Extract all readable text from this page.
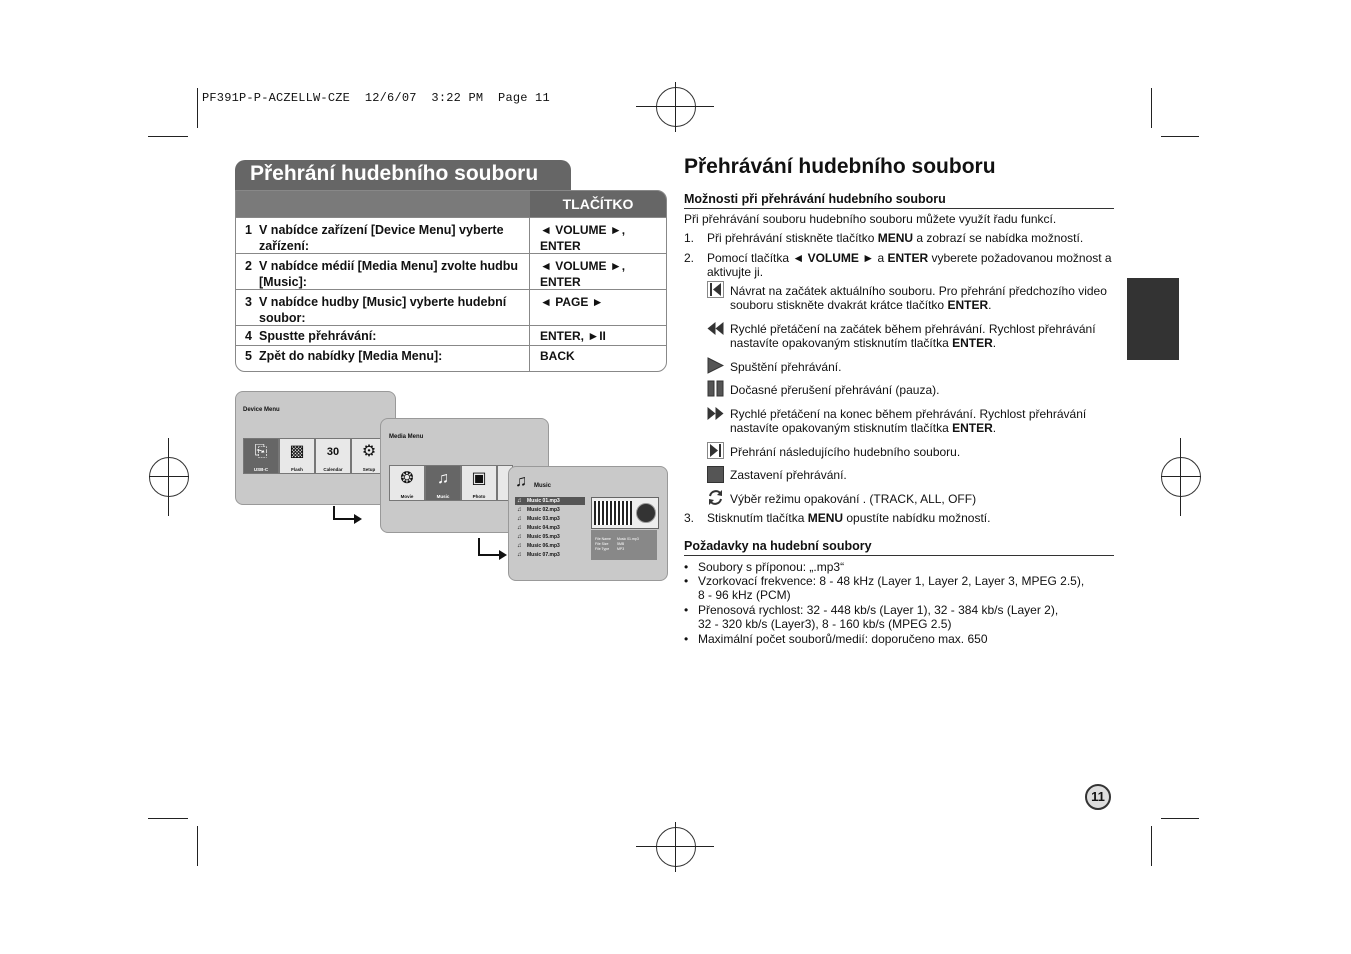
PF391P-P-ACZELLW-CZE  12/6/07  3:22 PM  Page 11
Přehrání hudebního souboru
TLAČÍTKO
1 V nabídce zařízení [Device Menu] vyberte zařízení:
◄ VOLUME ►, ENTER
2 V nabídce médií [Media Menu] zvolte hudbu [Music]:
◄ VOLUME ►, ENTER
3 V nabídce hudby [Music] vyberte hudební soubor:
◄ PAGE ►
4 Spustte přehrávání:	ENTER, ►II
5 Zpět do nabídky [Media Menu]:	BACK
Device Menu
⎘
USB-C
▩
Flash
30
Calendar
⚙
Setup
Media Menu
❂
Movie
♫
Music
▣
Photo
♫ Music
File Name
File Size
File Type
Music 01.mp3
5MB
MP3
♫ Music 01.mp3
♫ Music 02.mp3
♫ Music 03.mp3
♫ Music 04.mp3
♫ Music 05.mp3
♫ Music 06.mp3
♫ Music 07.mp3
Přehrávání hudebního souboru
Možnosti při přehrávání hudebního souboru
Při přehrávání souboru hudebního souboru můžete využít řadu funkcí.
1. Při přehrávání stiskněte tlačítko MENU a zobrazí se nabídka možností.
2. Pomocí tlačítka ◄ VOLUME ► a ENTER vyberete požadovanou možnost a aktivujte ji.
Návrat na začátek aktuálního souboru. Pro přehrání předchozího video souboru stiskněte dvakrát krátce tlačítko ENTER.
Rychlé přetáčení na začátek během přehrávání. Rychlost přehrávání nastavíte opakovaným stisknutím tlačítka ENTER.
Spuštění přehrávání.
Dočasné přerušení přehrávání (pauza).
Rychlé přetáčení na konec během přehrávání. Rychlost přehrávání nastavíte opakovaným stisknutím tlačítka ENTER.
Přehrání následujícího hudebního souboru.
Zastavení přehrávání.
Výběr režimu opakování . (TRACK, ALL, OFF)
3. Stisknutím tlačítka MENU opustíte nabídku možností.
Požadavky na hudební soubory
• Soubory s příponou: „.mp3“
• Vzorkovací frekvence: 8 - 48 kHz (Layer 1, Layer 2, Layer 3, MPEG 2.5),
8 - 96 kHz (PCM)
• Přenosová rychlost: 32 - 448 kb/s (Layer 1), 32 - 384 kb/s (Layer 2),
32 - 320 kb/s (Layer3), 8 - 160 kb/s (MPEG 2.5)
• Maximální počet souborů/medií: doporučeno max. 650
11
